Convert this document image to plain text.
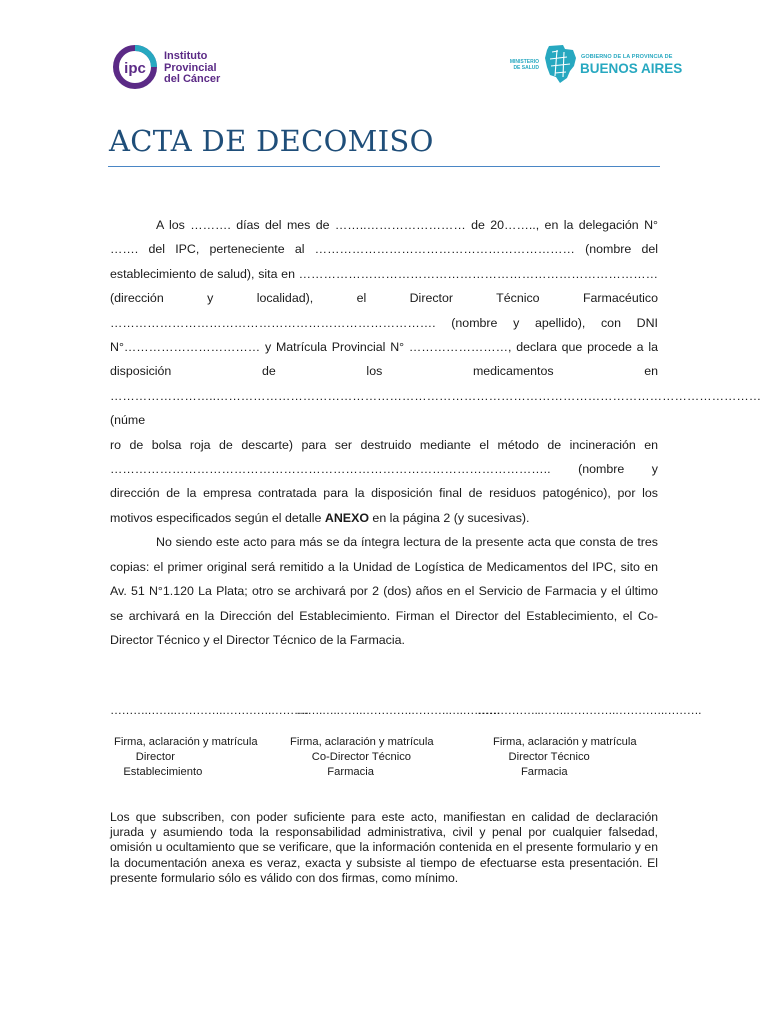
ipc
Instituto
Provincial
del Cáncer
MINISTERIO DE SALUD
GOBIERNO DE LA PROVINCIA DE
BUENOS AIRES
ACTA DE DECOMISO

A los ………. días del mes de ……..…………………… de 20…….., en la delegación N° ……. del IPC, perteneciente al ……………………………………………………… (nombre del establecimiento de salud), sita en …………………………………………………………………………… (dirección y localidad), el Director Técnico Farmacéutico ……………………………………………………………………. (nombre y apellido), con DNI N°…………………………… y Matrícula Provincial N° ……………………, declara que procede a la disposición de los medicamentos en

……………………..……………………………………………………………………………………………………………………(núme

ro de bolsa roja de descarte) para ser destruido mediante el método de incineración en …………………………………………………………………………………………….. (nombre y dirección de la empresa contratada para la disposición final de residuos patogénico), por los motivos especificados según el detalle ANEXO en la página 2 (y sucesivas).

No siendo este acto para más se da íntegra lectura de la presente acta que consta de tres copias: el primer original será remitido a la Unidad de Logística de Medicamentos del IPC, sito en Av. 51 N°1.120 La Plata; otro se archivará por 2 (dos) años en el Servicio de Farmacia y el último se archivará en la Dirección del Establecimiento. Firman el Director del Establecimiento, el Co- Director Técnico y el Director Técnico de la Farmacia.

……….…….………….………….……….
…….….…….………….……….….……….
……………..…….………….………….……….
Firma, aclaración y matrícula
Director
Establecimiento
Firma, aclaración y matrícula
Co-Director Técnico
Farmacia
Firma, aclaración y matrícula
Director Técnico
Farmacia

Los que subscriben, con poder suficiente para este acto, manifiestan en calidad de declaración jurada y asumiendo toda la responsabilidad administrativa, civil y penal por cualquier falsedad, omisión u ocultamiento que se verificare, que la información contenida en el presente formulario y en la documentación anexa es veraz, exacta y subsiste al tiempo de efectuarse esta presentación. El presente formulario sólo es válido con dos firmas, como mínimo.
